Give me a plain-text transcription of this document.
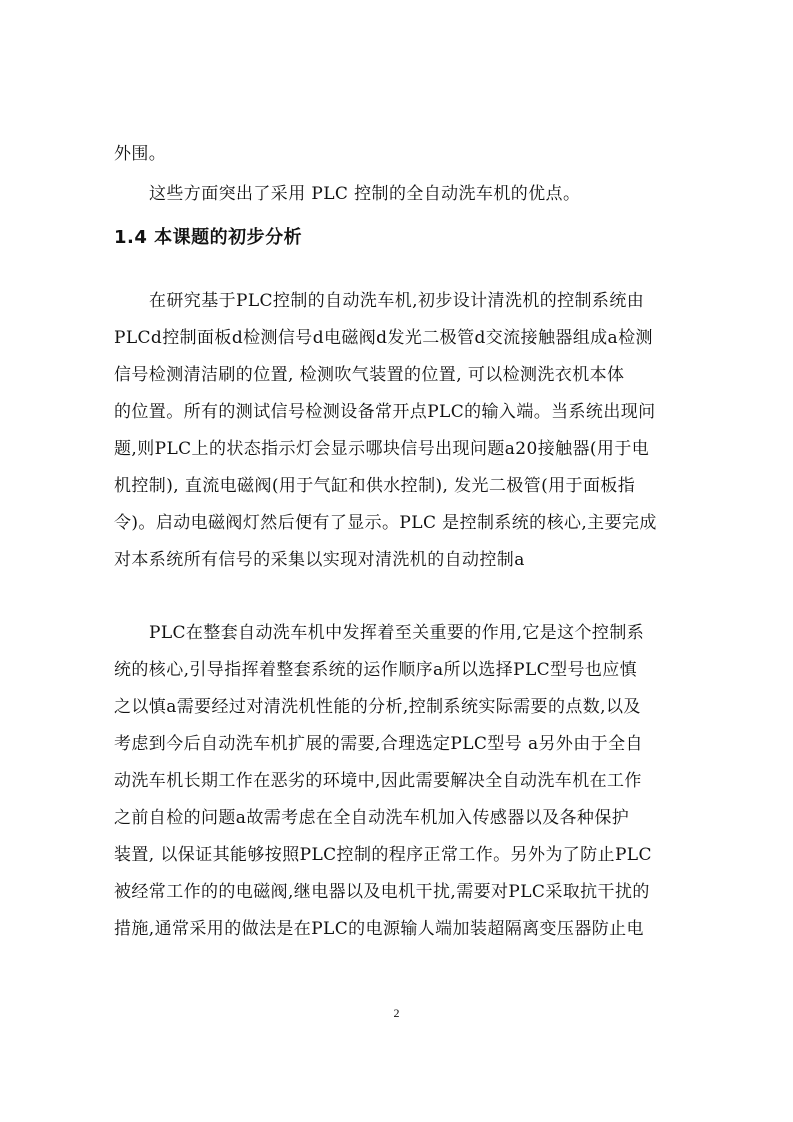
外围。
这些方面突出了采用 PLC 控制的全自动洗车机的优点。
1.4 本课题的初步分析
在研究基于PLC控制的自动洗车机,初步设计清洗机的控制系统由
PLCd控制面板d检测信号d电磁阀d发光二极管d交流接触器组成a检测
信号检测清洁刷的位置, 检测吹气装置的位置, 可以检测洗衣机本体
的位置。所有的测试信号检测设备常开点PLC的输入端。当系统出现问
题,则PLC上的状态指示灯会显示哪块信号出现问题a20接触器(用于电
机控制), 直流电磁阀(用于气缸和供水控制), 发光二极管(用于面板指
令)。启动电磁阀灯然后便有了显示。PLC 是控制系统的核心,主要完成
对本系统所有信号的采集以实现对清洗机的自动控制a
PLC在整套自动洗车机中发挥着至关重要的作用,它是这个控制系
统的核心,引导指挥着整套系统的运作顺序a所以选择PLC型号也应慎
之以慎a需要经过对清洗机性能的分析,控制系统实际需要的点数,以及
考虑到今后自动洗车机扩展的需要,合理选定PLC型号 a另外由于全自
动洗车机长期工作在恶劣的环境中,因此需要解决全自动洗车机在工作
之前自检的问题a故需考虑在全自动洗车机加入传感器以及各种保护
装置, 以保证其能够按照PLC控制的程序正常工作。另外为了防止PLC
被经常工作的的电磁阀,继电器以及电机干扰,需要对PLC采取抗干扰的
措施,通常采用的做法是在PLC的电源输人端加装超隔离变压器防止电
2
